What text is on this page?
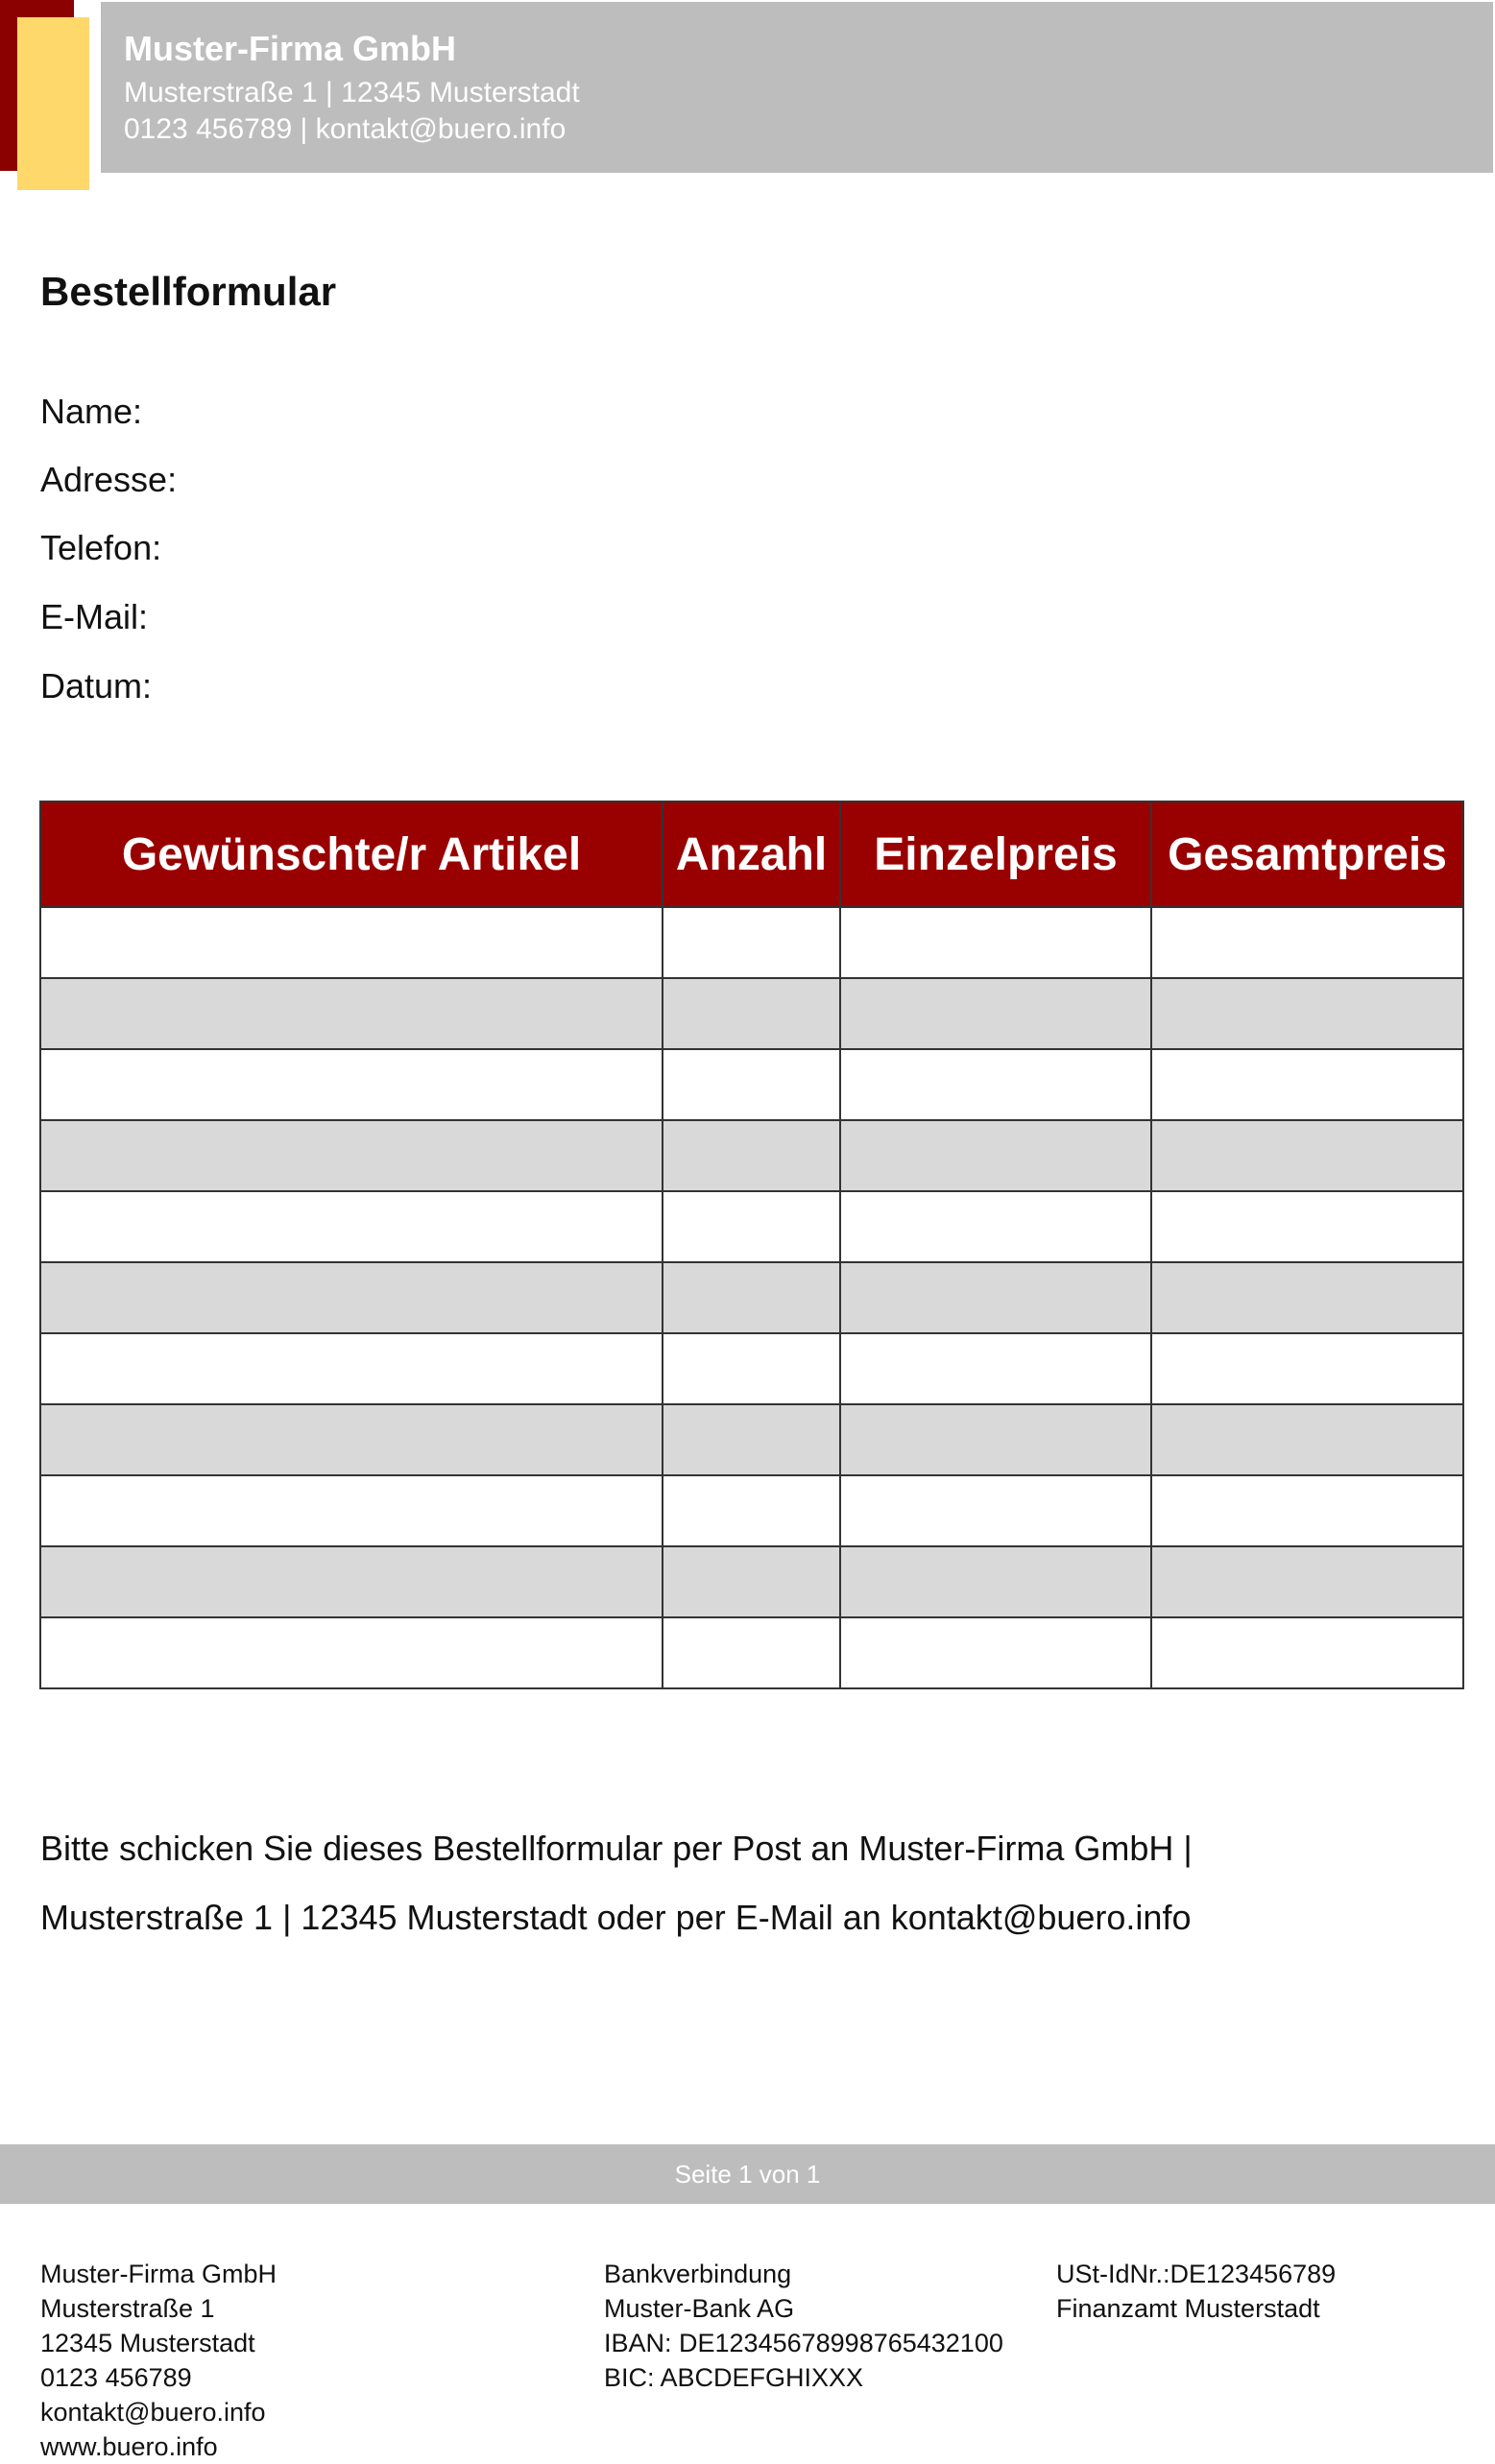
Muster-Firma GmbH
Musterstraße 1 | 12345 Musterstadt
0123 456789 | kontakt@buero.info
Bestellformular
Name:
Adresse:
Telefon:
E-Mail:
Datum:
Gewünschte/r Artikel	Anzahl	Einzelpreis	Gesamtpreis

Bitte schicken Sie dieses Bestellformular per Post an Muster-Firma GmbH |
Musterstraße 1 | 12345 Musterstadt oder per E-Mail an kontakt@buero.info
Seite 1 von 1
Muster-Firma GmbH
Musterstraße 1
12345 Musterstadt
0123 456789
kontakt@buero.info
www.buero.info
Bankverbindung
Muster-Bank AG
IBAN: DE12345678998765432100
BIC: ABCDEFGHIXXX
USt-IdNr.:DE123456789
Finanzamt Musterstadt
